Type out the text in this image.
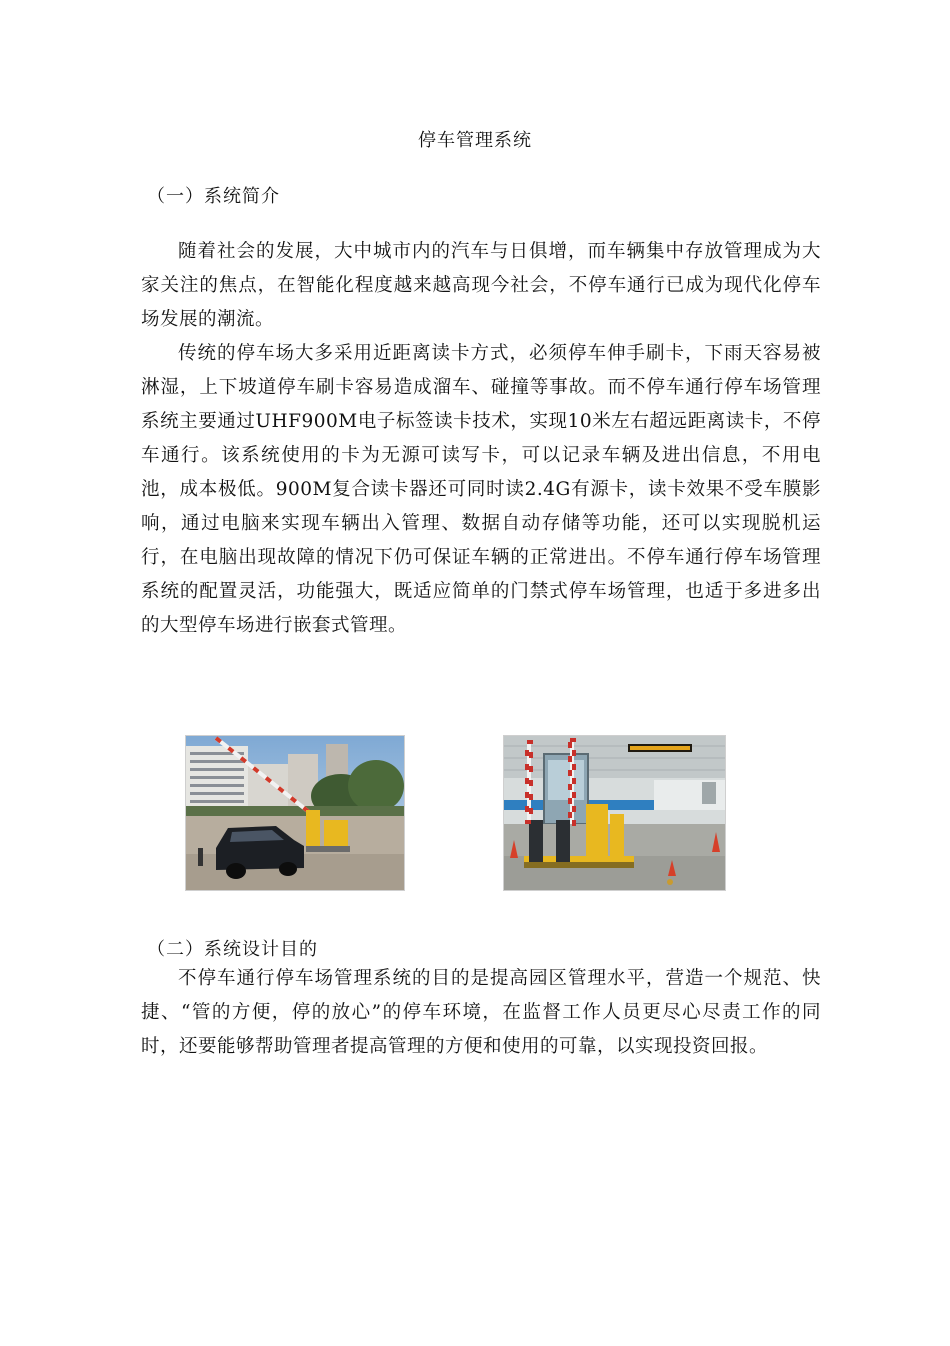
停车管理系统
（一）系统简介

随着社会的发展，大中城市内的汽车与日俱增，而车辆集中存放管理成为大家关注的焦点，在智能化程度越来越高现今社会，不停车通行已成为现代化停车场发展的潮流。

传统的停车场大多采用近距离读卡方式，必须停车伸手刷卡，下雨天容易被淋湿，上下坡道停车刷卡容易造成溜车、碰撞等事故。而不停车通行停车场管理系统主要通过UHF900M电子标签读卡技术，实现10米左右超远距离读卡，不停车通行。该系统使用的卡为无源可读写卡，可以记录车辆及进出信息，不用电池，成本极低。900M复合读卡器还可同时读2.4G有源卡，读卡效果不受车膜影响，通过电脑来实现车辆出入管理、数据自动存储等功能，还可以实现脱机运行，在电脑出现故障的情况下仍可保证车辆的正常进出。不停车通行停车场管理系统的配置灵活，功能强大，既适应简单的门禁式停车场管理，也适于多进多出的大型停车场进行嵌套式管理。

（二）系统设计目的

不停车通行停车场管理系统的目的是提高园区管理水平，营造一个规范、快捷、“管的方便，停的放心”的停车环境，在监督工作人员更尽心尽责工作的同时，还要能够帮助管理者提高管理的方便和使用的可靠，以实现投资回报。
